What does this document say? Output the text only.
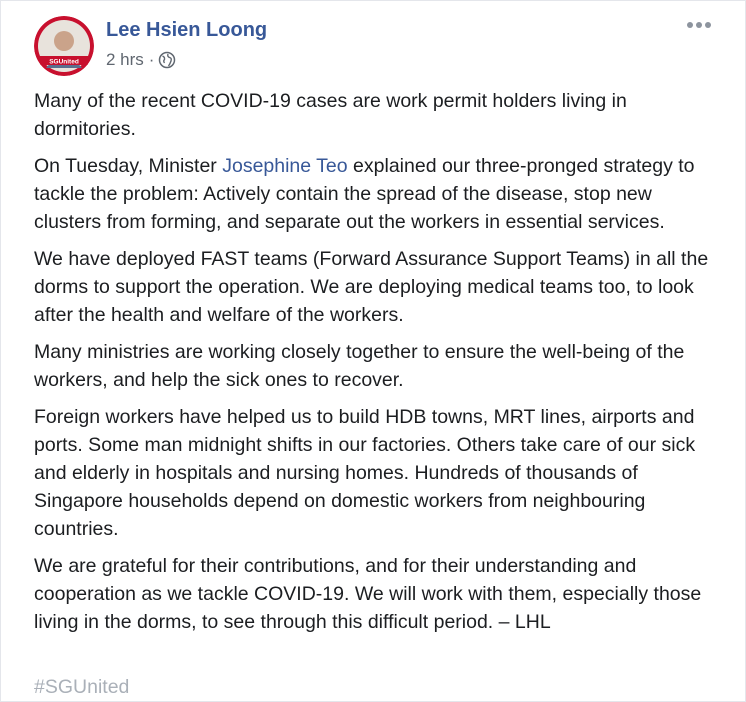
SGUnited
Lee Hsien Loong
2 hrs ·

Many of the recent COVID-19 cases are work permit holders living in dormitories.

On Tuesday, Minister Josephine Teo explained our three-pronged strategy to tackle the problem: Actively contain the spread of the disease, stop new clusters from forming, and separate out the workers in essential services.

We have deployed FAST teams (Forward Assurance Support Teams) in all the dorms to support the operation. We are deploying medical teams too, to look after the health and welfare of the workers.

Many ministries are working closely together to ensure the well-being of the workers, and help the sick ones to recover.

Foreign workers have helped us to build HDB towns, MRT lines, airports and ports. Some man midnight shifts in our factories. Others take care of our sick and elderly in hospitals and nursing homes. Hundreds of thousands of Singapore households depend on domestic workers from neighbouring countries.

We are grateful for their contributions, and for their understanding and cooperation as we tackle COVID-19. We will work with them, especially those living in the dorms, to see through this difficult period. – LHL

#SGUnited
